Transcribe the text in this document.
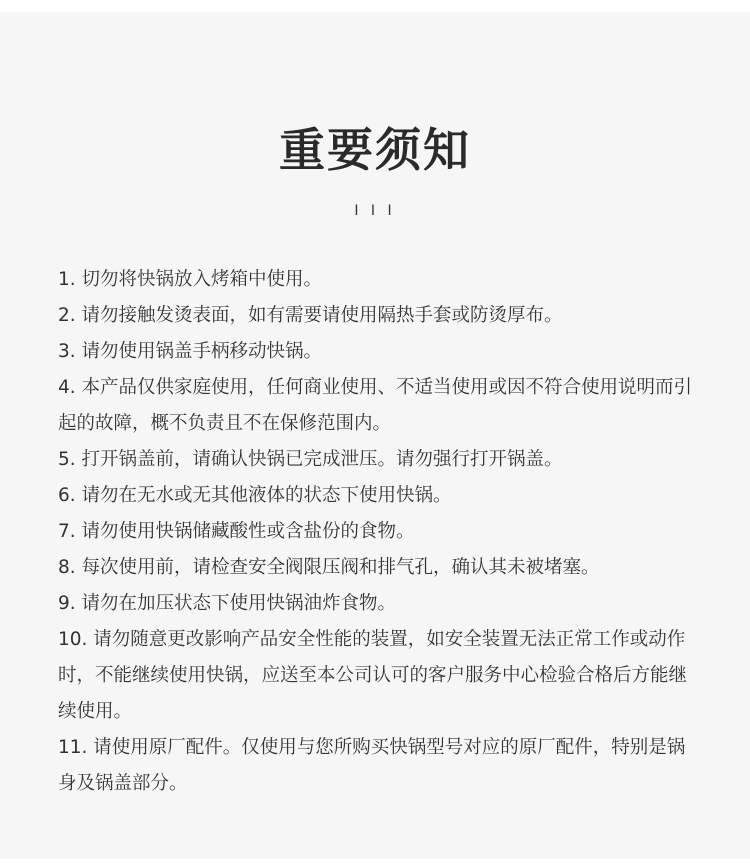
重要须知
I I I
1. 切勿将快锅放入烤箱中使用。
2. 请勿接触发烫表面，如有需要请使用隔热手套或防烫厚布。
3. 请勿使用锅盖手柄移动快锅。
4. 本产品仅供家庭使用，任何商业使用、不适当使用或因不符合使用说明而引起的故障，概不负责且不在保修范围内。
5. 打开锅盖前，请确认快锅已完成泄压。请勿强行打开锅盖。
6. 请勿在无水或无其他液体的状态下使用快锅。
7. 请勿使用快锅储藏酸性或含盐份的食物。
8. 每次使用前，请检查安全阀限压阀和排气孔，确认其未被堵塞。
9. 请勿在加压状态下使用快锅油炸食物。
10. 请勿随意更改影响产品安全性能的装置，如安全装置无法正常工作或动作时，不能继续使用快锅，应送至本公司认可的客户服务中心检验合格后方能继续使用。
11. 请使用原厂配件。仅使用与您所购买快锅型号对应的原厂配件，特别是锅身及锅盖部分。
